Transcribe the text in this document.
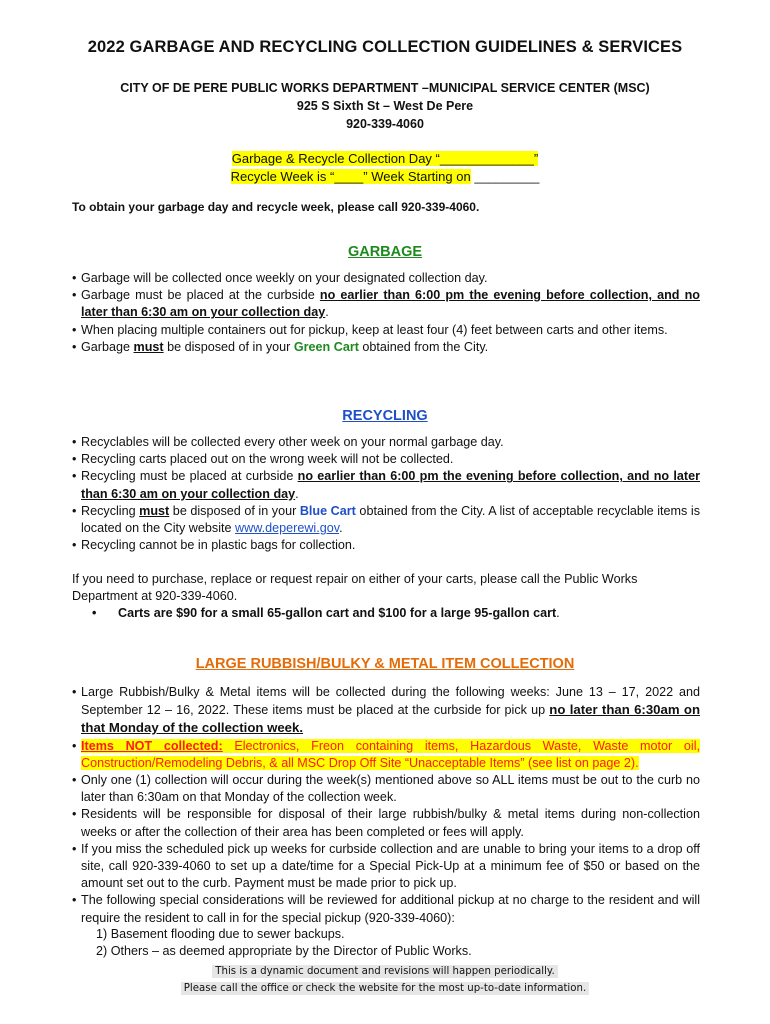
2022 GARBAGE AND RECYCLING COLLECTION GUIDELINES & SERVICES
CITY OF DE PERE PUBLIC WORKS DEPARTMENT –MUNICIPAL SERVICE CENTER (MSC)
925 S Sixth St – West De Pere
920-339-4060
Garbage & Recycle Collection Day “_____________”
Recycle Week is “____” Week Starting on _________
To obtain your garbage day and recycle week, please call 920-339-4060.
GARBAGE
• Garbage will be collected once weekly on your designated collection day.
• Garbage must be placed at the curbside no earlier than 6:00 pm the evening before collection, and no later than 6:30 am on your collection day.
• When placing multiple containers out for pickup, keep at least four (4) feet between carts and other items.
• Garbage must be disposed of in your Green Cart obtained from the City.
RECYCLING
• Recyclables will be collected every other week on your normal garbage day.
• Recycling carts placed out on the wrong week will not be collected.
• Recycling must be placed at curbside no earlier than 6:00 pm the evening before collection, and no later than 6:30 am on your collection day.
• Recycling must be disposed of in your Blue Cart obtained from the City. A list of acceptable recyclable items is located on the City website www.deperewi.gov.
• Recycling cannot be in plastic bags for collection.
If you need to purchase, replace or request repair on either of your carts, please call the Public Works Department at 920-339-4060.
• Carts are $90 for a small 65-gallon cart and $100 for a large 95-gallon cart.
LARGE RUBBISH/BULKY & METAL ITEM COLLECTION
• Large Rubbish/Bulky & Metal items will be collected during the following weeks: June 13 – 17, 2022 and September 12 – 16, 2022. These items must be placed at the curbside for pick up no later than 6:30am on that Monday of the collection week.
• Items NOT collected: Electronics, Freon containing items, Hazardous Waste, Waste motor oil, Construction/Remodeling Debris, & all MSC Drop Off Site “Unacceptable Items” (see list on page 2).
• Only one (1) collection will occur during the week(s) mentioned above so ALL items must be out to the curb no later than 6:30am on that Monday of the collection week.
• Residents will be responsible for disposal of their large rubbish/bulky & metal items during non-collection weeks or after the collection of their area has been completed or fees will apply.
• If you miss the scheduled pick up weeks for curbside collection and are unable to bring your items to a drop off site, call 920-339-4060 to set up a date/time for a Special Pick-Up at a minimum fee of $50 or based on the amount set out to the curb. Payment must be made prior to pick up.
• The following special considerations will be reviewed for additional pickup at no charge to the resident and will require the resident to call in for the special pickup (920-339-4060):
1) Basement flooding due to sewer backups.
2) Others – as deemed appropriate by the Director of Public Works.
This is a dynamic document and revisions will happen periodically.
Please call the office or check the website for the most up-to-date information.
